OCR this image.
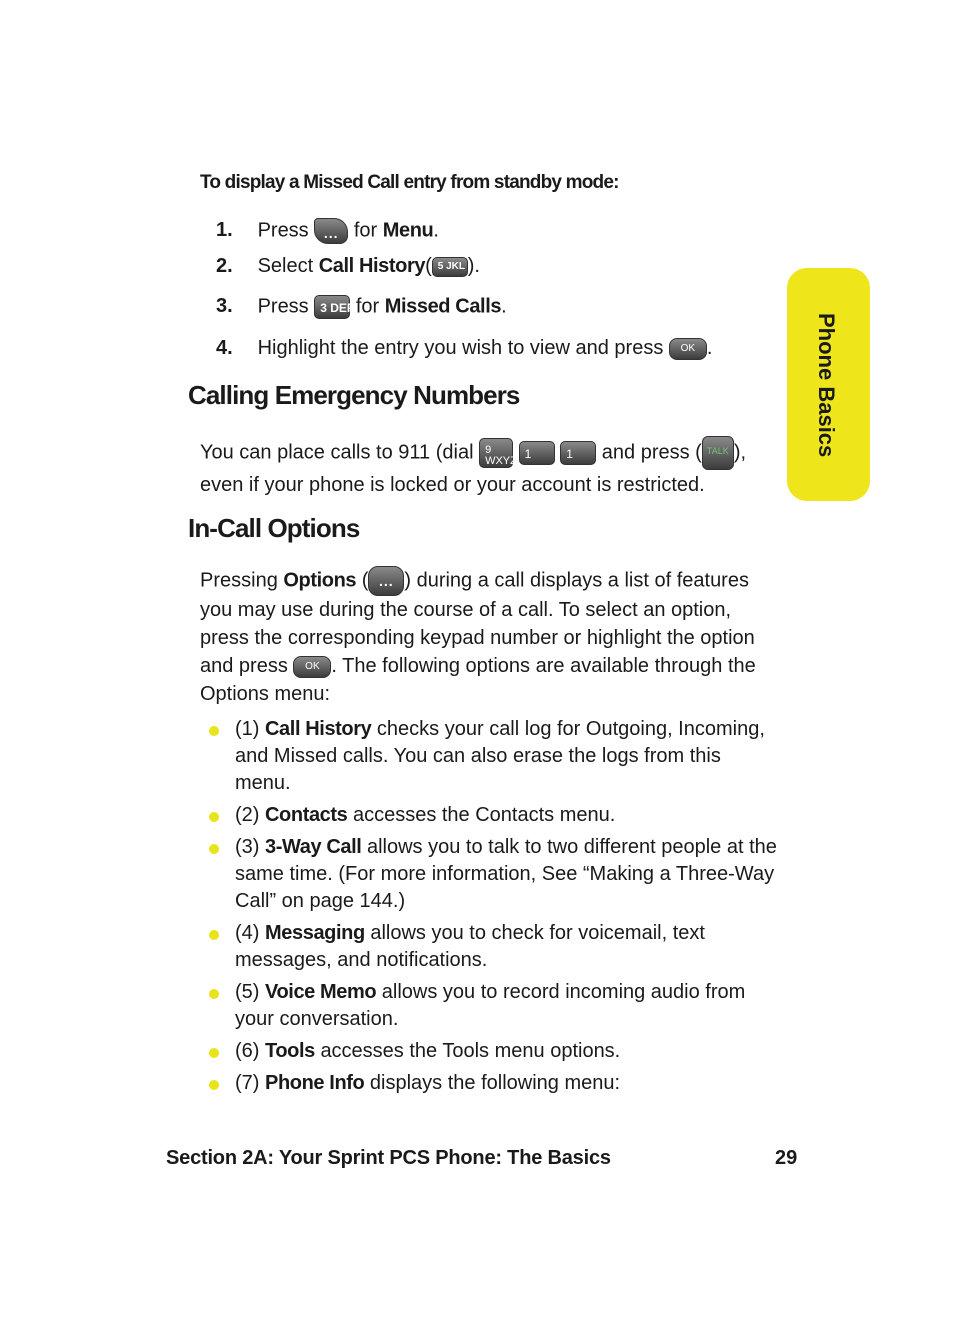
To display a Missed Call entry from standby mode:
1. Press ... for Menu.
2. Select Call History( 5 JKL ).
3. Press 3 DEF for Missed Calls.
4. Highlight the entry you wish to view and press OK .
Calling Emergency Numbers
You can place calls to 911 (dial 9 WXYZ 1	1 and press ( TALK ),
even if your phone is locked or your account is restricted.
In-Call Options
Pressing Options ( ... ) during a call displays a list of features you may use during the course of a call. To select an option, press the corresponding keypad number or highlight the option and press OK . The following options are available through the Options menu:
(1) Call History checks your call log for Outgoing, Incoming, and Missed calls. You can also erase the logs from this menu.
(2) Contacts accesses the Contacts menu.
(3) 3-Way Call allows you to talk to two different people at the same time. (For more information, See “Making a Three-Way Call” on page 144.)
(4) Messaging allows you to check for voicemail, text messages, and notifications.
(5) Voice Memo allows you to record incoming audio from your conversation.
(6) Tools accesses the Tools menu options.
(7) Phone Info displays the following menu:
Phone Basics
Section 2A: Your Sprint PCS Phone: The Basics	29
